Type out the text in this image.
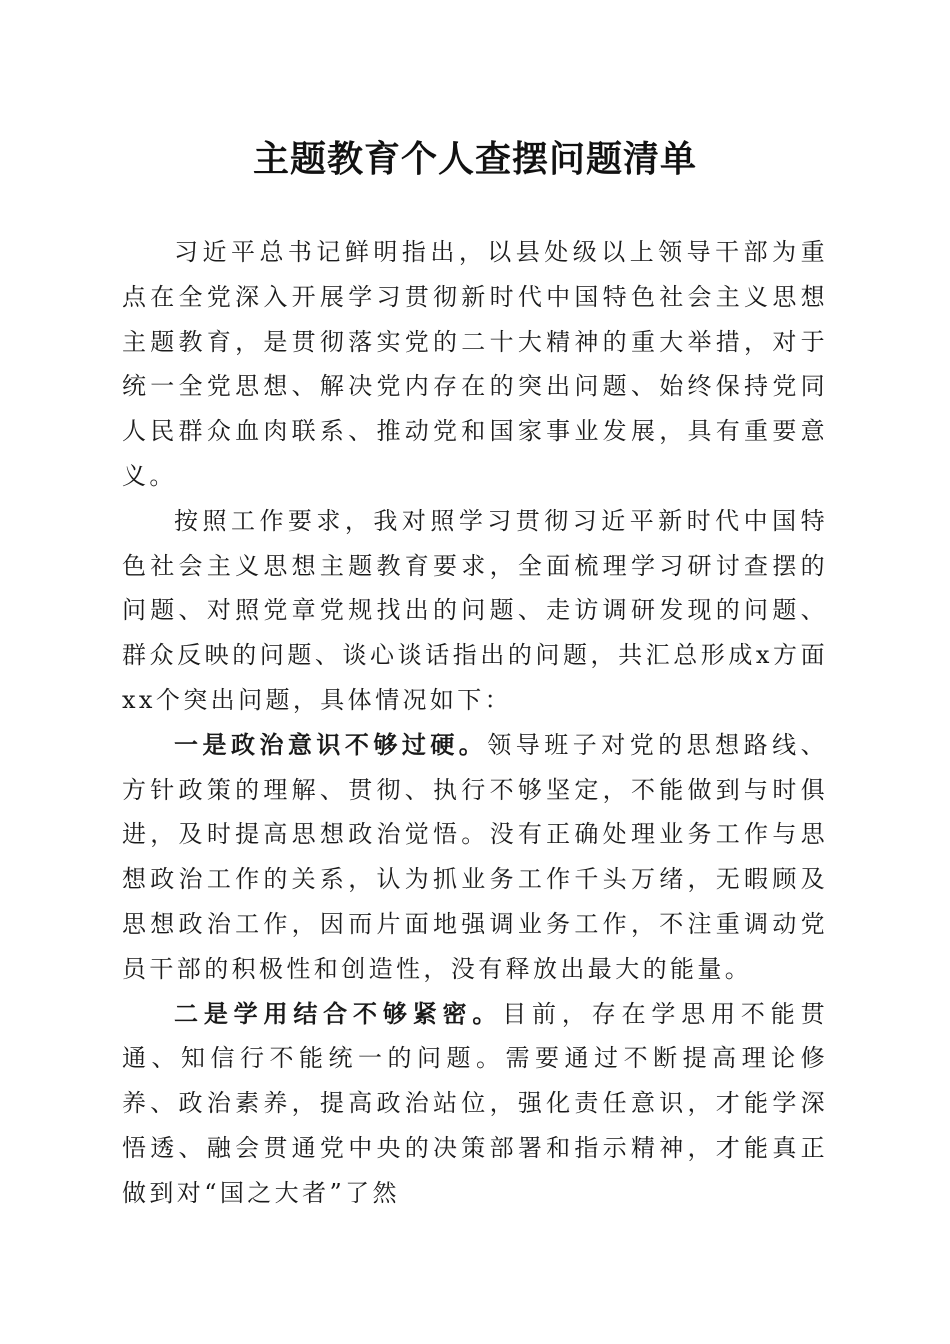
主题教育个人查摆问题清单

习近平总书记鲜明指出，以县处级以上领导干部为重点在全党深入开展学习贯彻新时代中国特色社会主义思想主题教育，是贯彻落实党的二十大精神的重大举措，对于统一全党思想、解决党内存在的突出问题、始终保持党同人民群众血肉联系、推动党和国家事业发展，具有重要意义。

按照工作要求，我对照学习贯彻习近平新时代中国特色社会主义思想主题教育要求，全面梳理学习研讨查摆的问题、对照党章党规找出的问题、走访调研发现的问题、群众反映的问题、谈心谈话指出的问题，共汇总形成x方面xx个突出问题，具体情况如下：

一是政治意识不够过硬。领导班子对党的思想路线、方针政策的理解、贯彻、执行不够坚定，不能做到与时俱进，及时提高思想政治觉悟。没有正确处理业务工作与思想政治工作的关系，认为抓业务工作千头万绪，无暇顾及思想政治工作，因而片面地强调业务工作，不注重调动党员干部的积极性和创造性，没有释放出最大的能量。

二是学用结合不够紧密。目前，存在学思用不能贯通、知信行不能统一的问题。需要通过不断提高理论修养、政治素养，提高政治站位，强化责任意识，才能学深悟透、融会贯通党中央的决策部署和指示精神，才能真正做到对“国之大者”了然
